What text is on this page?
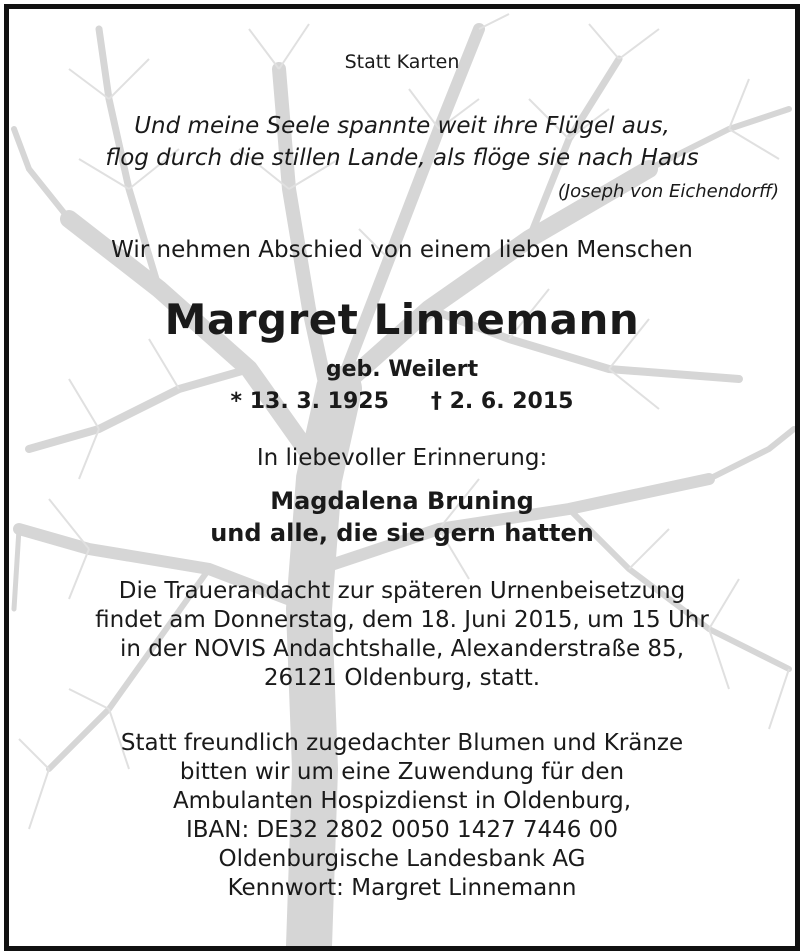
Statt Karten
Und meine Seele spannte weit ihre Flügel aus,
flog durch die stillen Lande, als flöge sie nach Haus
(Joseph von Eichendorff)
Wir nehmen Abschied von einem lieben Menschen
Margret Linnemann
geb. Weilert
* 13. 3. 1925 † 2. 6. 2015
In liebevoller Erinnerung:
Magdalena Bruning
und alle, die sie gern hatten
Die Trauerandacht zur späteren Urnenbeisetzung
findet am Donnerstag, dem 18. Juni 2015, um 15 Uhr
in der NOVIS Andachtshalle, Alexanderstraße 85,
26121 Oldenburg, statt.
Statt freundlich zugedachter Blumen und Kränze
bitten wir um eine Zuwendung für den
Ambulanten Hospizdienst in Oldenburg,
IBAN: DE32 2802 0050 1427 7446 00
Oldenburgische Landesbank AG
Kennwort: Margret Linnemann
